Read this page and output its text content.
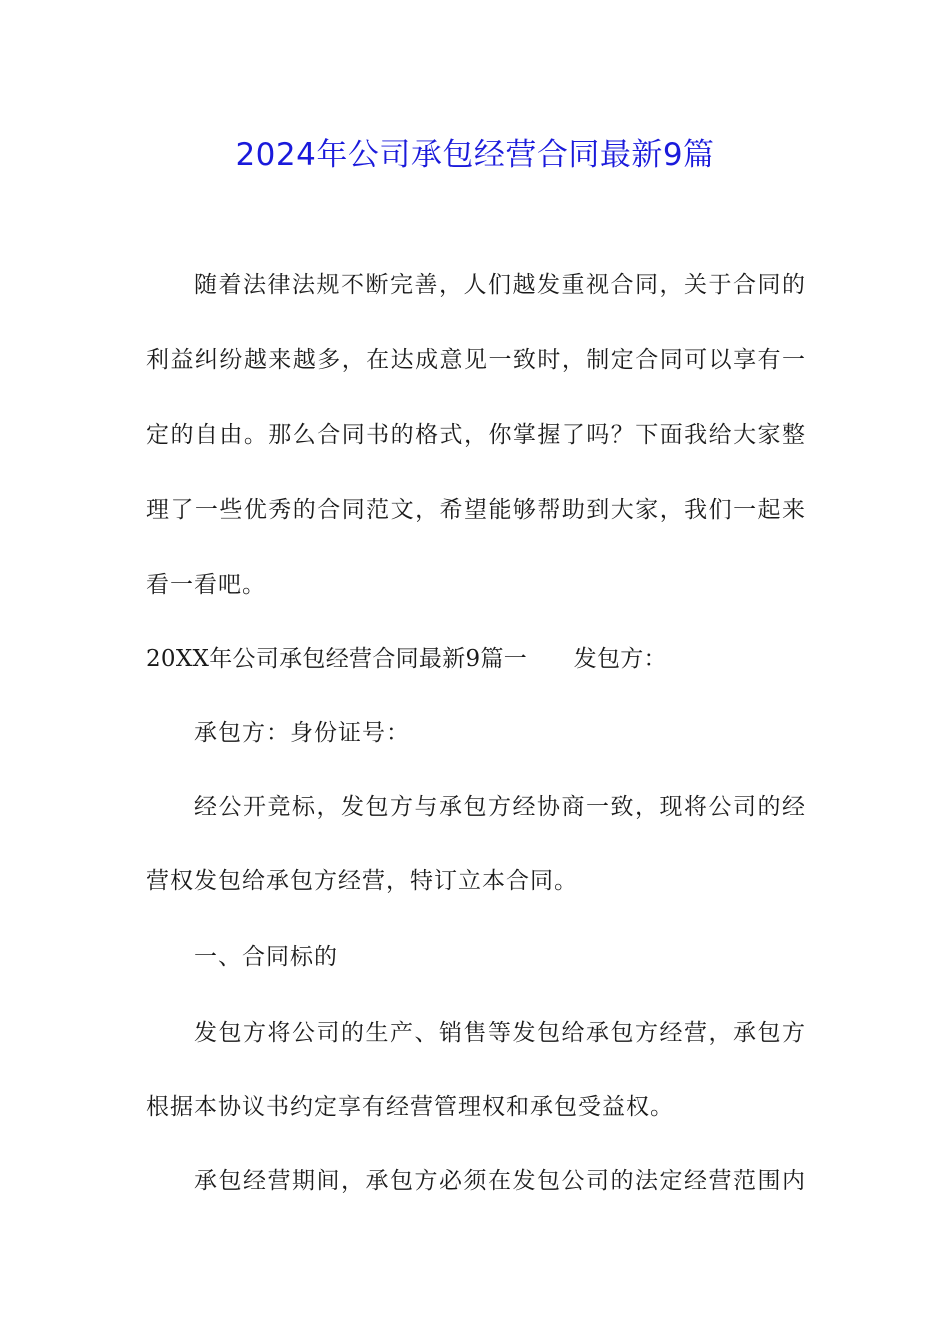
2024年公司承包经营合同最新9篇
随着法律法规不断完善，人们越发重视合同，关于合同的
利益纠纷越来越多，在达成意见一致时，制定合同可以享有一
定的自由。那么合同书的格式，你掌握了吗？下面我给大家整
理了一些优秀的合同范文，希望能够帮助到大家，我们一起来
看一看吧。
20XX年公司承包经营合同最新9篇一　　发包方：
承包方：身份证号：
经公开竞标，发包方与承包方经协商一致，现将公司的经
营权发包给承包方经营，特订立本合同。
一、合同标的
发包方将公司的生产、销售等发包给承包方经营，承包方
根据本协议书约定享有经营管理权和承包受益权。
承包经营期间，承包方必须在发包公司的法定经营范围内
